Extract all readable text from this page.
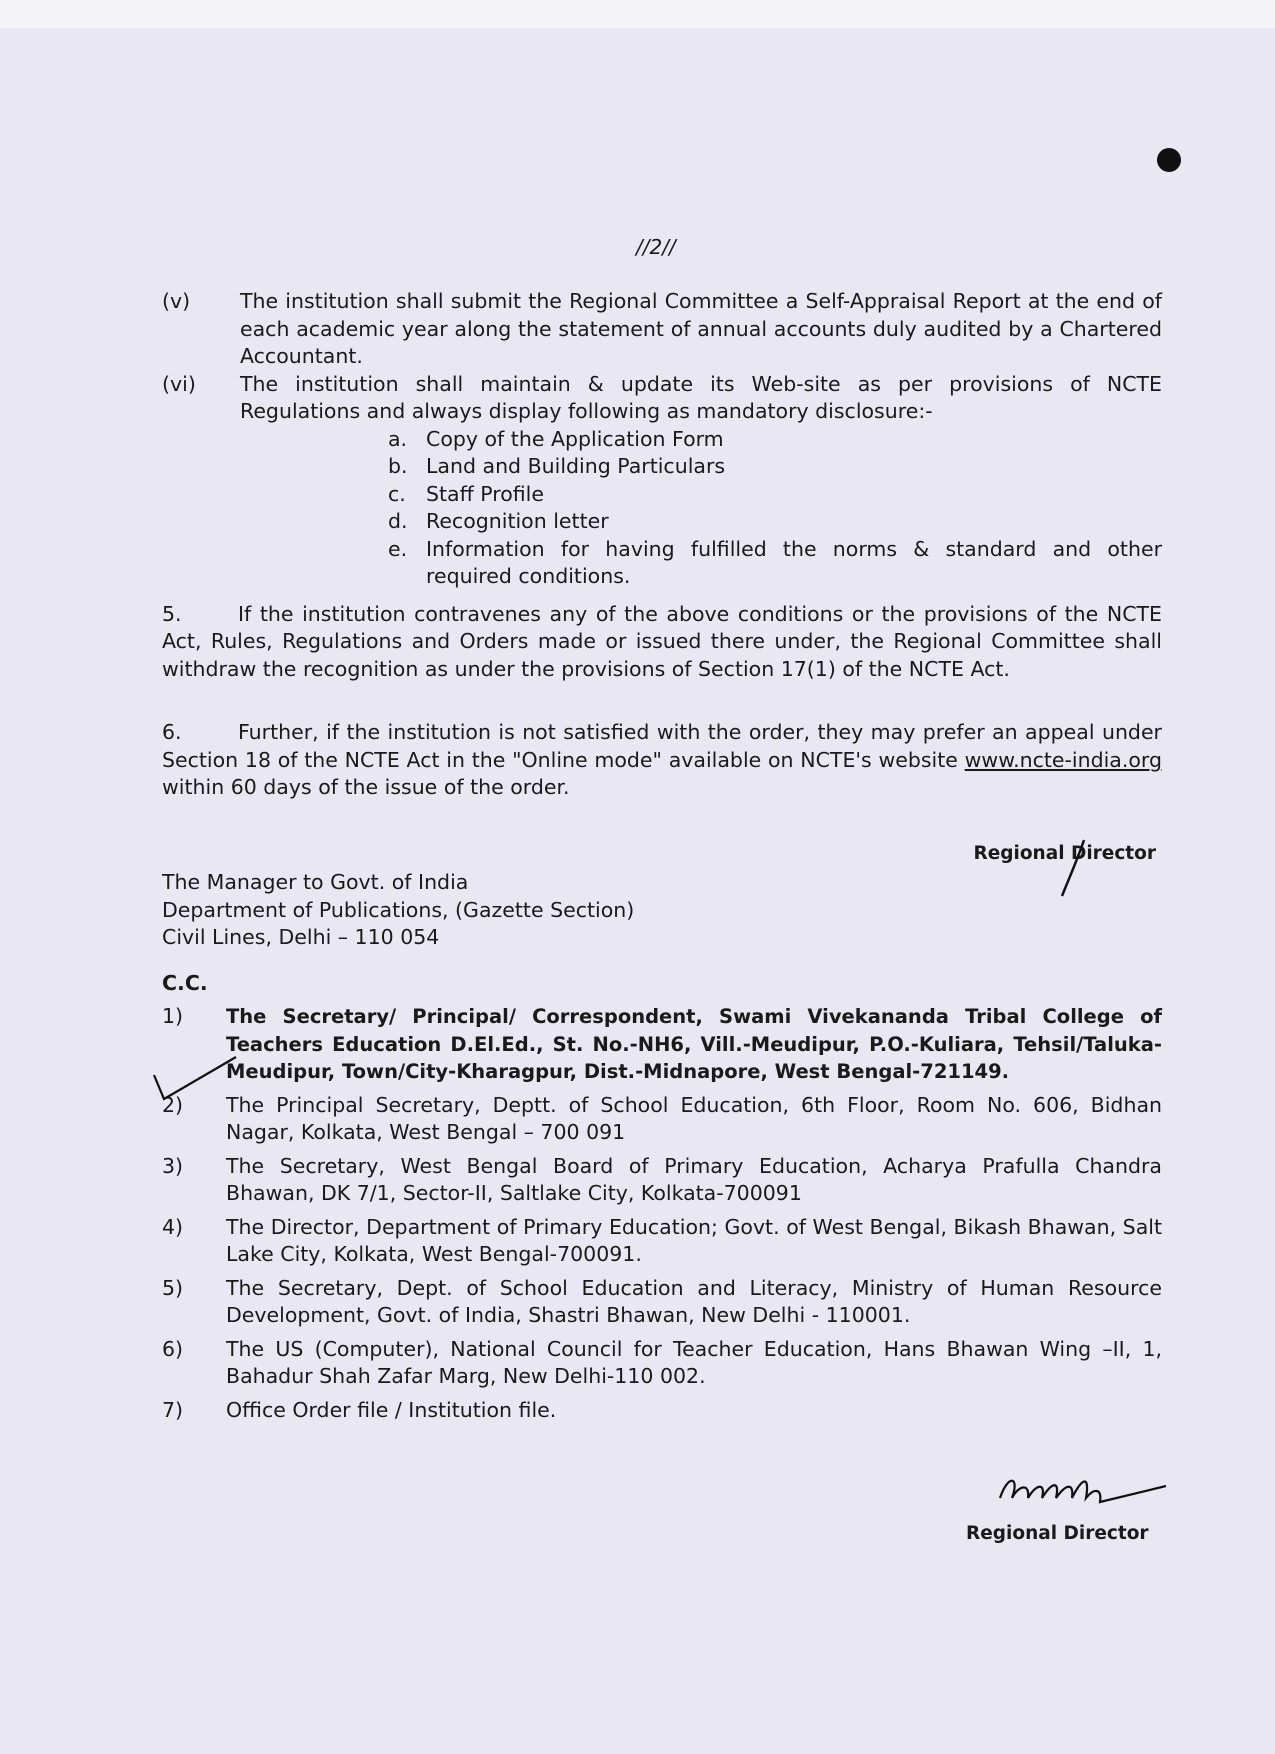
//2//
(v)	The institution shall submit the Regional Committee a Self-Appraisal Report at the end of each academic year along the statement of annual accounts duly audited by a Chartered Accountant.
(vi)	The institution shall maintain & update its Web-site as per provisions of NCTE Regulations and always display following as mandatory disclosure:-
a. Copy of the Application Form
b. Land and Building Particulars
c. Staff Profile
d. Recognition letter
e. Information for having fulfilled the norms & standard and other required conditions.

5.	If the institution contravenes any of the above conditions or the provisions of the NCTE Act, Rules, Regulations and Orders made or issued there under, the Regional Committee shall withdraw the recognition as under the provisions of Section 17(1) of the NCTE Act.

6.	Further, if the institution is not satisfied with the order, they may prefer an appeal under Section 18 of the NCTE Act in the "Online mode" available on NCTE's website www.ncte-india.org within 60 days of the issue of the order.

Regional Director
The Manager to Govt. of India
Department of Publications, (Gazette Section)
Civil Lines, Delhi – 110 054
C.C.
1)	The Secretary/ Principal/ Correspondent, Swami Vivekananda Tribal College of Teachers Education D.El.Ed., St. No.-NH6, Vill.-Meudipur, P.O.-Kuliara, Tehsil/Taluka-Meudipur, Town/City-Kharagpur, Dist.-Midnapore, West Bengal-721149.
2)	The Principal Secretary, Deptt. of School Education, 6th Floor, Room No. 606, Bidhan Nagar, Kolkata, West Bengal – 700 091
3)	The Secretary, West Bengal Board of Primary Education, Acharya Prafulla Chandra Bhawan, DK 7/1, Sector-II, Saltlake City, Kolkata-700091
4)	The Director, Department of Primary Education; Govt. of West Bengal, Bikash Bhawan, Salt Lake City, Kolkata, West Bengal-700091.
5)	The Secretary, Dept. of School Education and Literacy, Ministry of Human Resource Development, Govt. of India, Shastri Bhawan, New Delhi - 110001.
6)	The US (Computer), National Council for Teacher Education, Hans Bhawan Wing –II, 1, Bahadur Shah Zafar Marg, New Delhi-110 002.
7)	Office Order file / Institution file.
Regional Director
